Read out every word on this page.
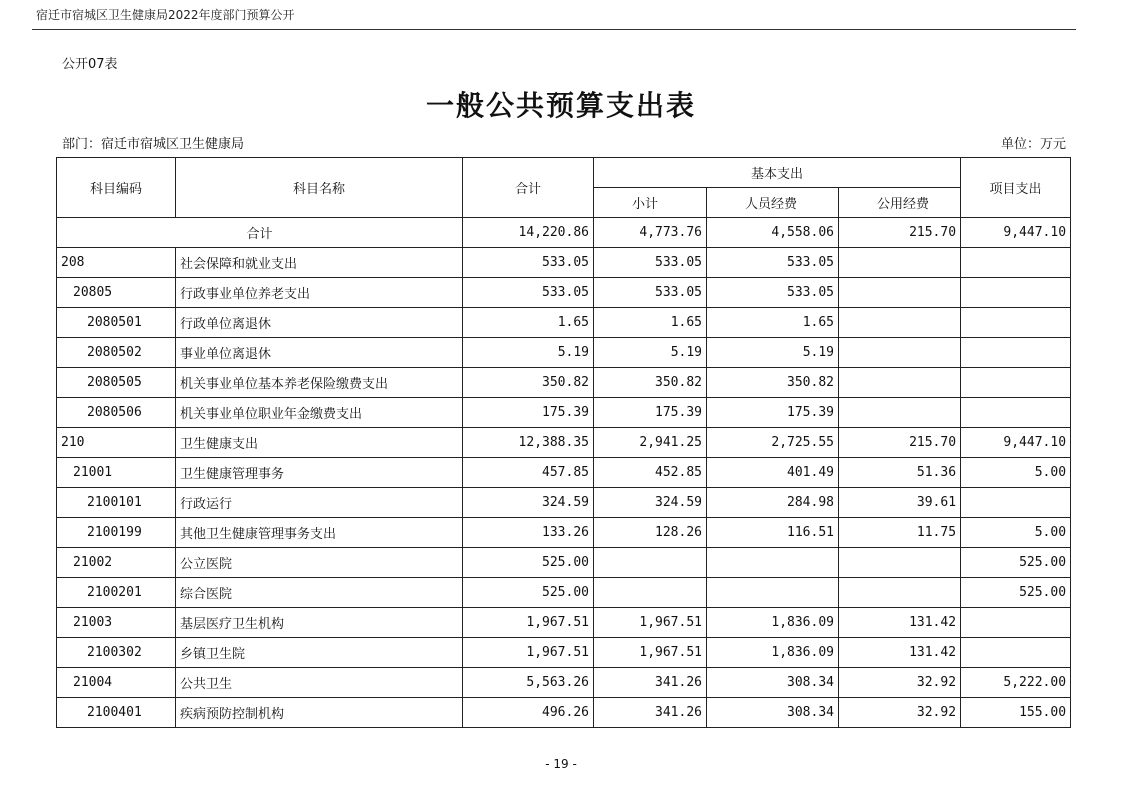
宿迁市宿城区卫生健康局2022年度部门预算公开
公开07表
一般公共预算支出表
部门：宿迁市宿城区卫生健康局	单位：万元
科目编码	科目名称	合计	基本支出			项目支出
			小计	人员经费	公用经费	
合计		14,220.86	4,773.76	4,558.06	215.70	9,447.10
208	社会保障和就业支出	533.05	533.05	533.05		
20805	行政事业单位养老支出	533.05	533.05	533.05		
2080501	行政单位离退休	1.65	1.65	1.65		
2080502	事业单位离退休	5.19	5.19	5.19		
2080505	机关事业单位基本养老保险缴费支出	350.82	350.82	350.82		
2080506	机关事业单位职业年金缴费支出	175.39	175.39	175.39		
210	卫生健康支出	12,388.35	2,941.25	2,725.55	215.70	9,447.10
21001	卫生健康管理事务	457.85	452.85	401.49	51.36	5.00
2100101	行政运行	324.59	324.59	284.98	39.61	
2100199	其他卫生健康管理事务支出	133.26	128.26	116.51	11.75	5.00
21002	公立医院	525.00				525.00
2100201	综合医院	525.00				525.00
21003	基层医疗卫生机构	1,967.51	1,967.51	1,836.09	131.42	
2100302	乡镇卫生院	1,967.51	1,967.51	1,836.09	131.42	
21004	公共卫生	5,563.26	341.26	308.34	32.92	5,222.00
2100401	疾病预防控制机构	496.26	341.26	308.34	32.92	155.00
- 19 -
